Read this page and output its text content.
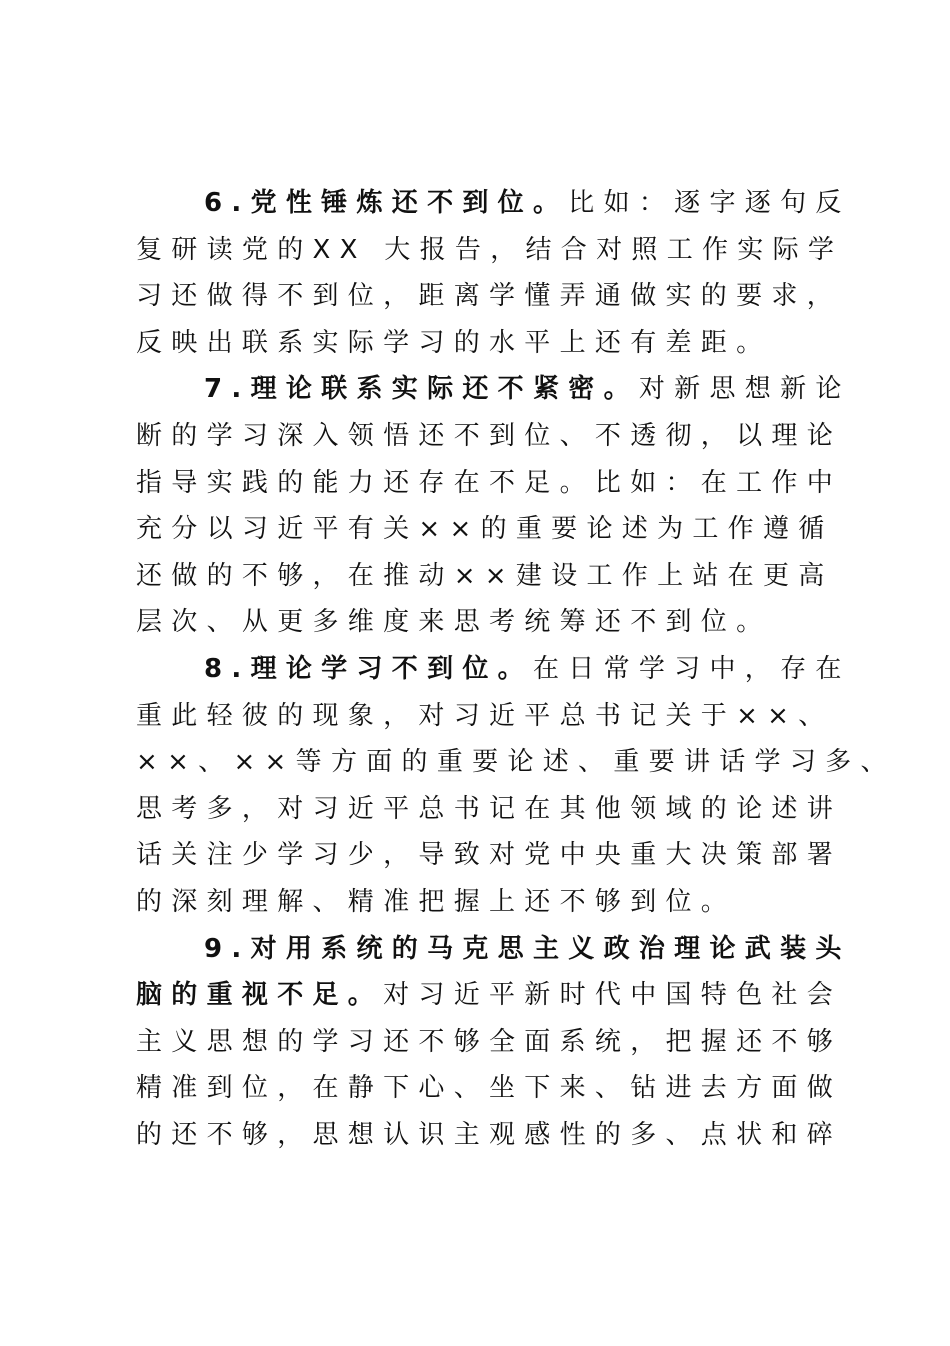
6.党性锤炼还不到位。比如：逐字逐句反
复研读党的XX 大报告，结合对照工作实际学
习还做得不到位，距离学懂弄通做实的要求，
反映出联系实际学习的水平上还有差距。
7.理论联系实际还不紧密。对新思想新论
断的学习深入领悟还不到位、不透彻，以理论
指导实践的能力还存在不足。比如：在工作中
充分以习近平有关××的重要论述为工作遵循
还做的不够，在推动××建设工作上站在更高
层次、从更多维度来思考统筹还不到位。
8.理论学习不到位。在日常学习中，存在
重此轻彼的现象，对习近平总书记关于××、
××、××等方面的重要论述、重要讲话学习多、
思考多，对习近平总书记在其他领域的论述讲
话关注少学习少，导致对党中央重大决策部署
的深刻理解、精准把握上还不够到位。
9.对用系统的马克思主义政治理论武装头
脑的重视不足。对习近平新时代中国特色社会
主义思想的学习还不够全面系统，把握还不够
精准到位，在静下心、坐下来、钻进去方面做
的还不够，思想认识主观感性的多、点状和碎
